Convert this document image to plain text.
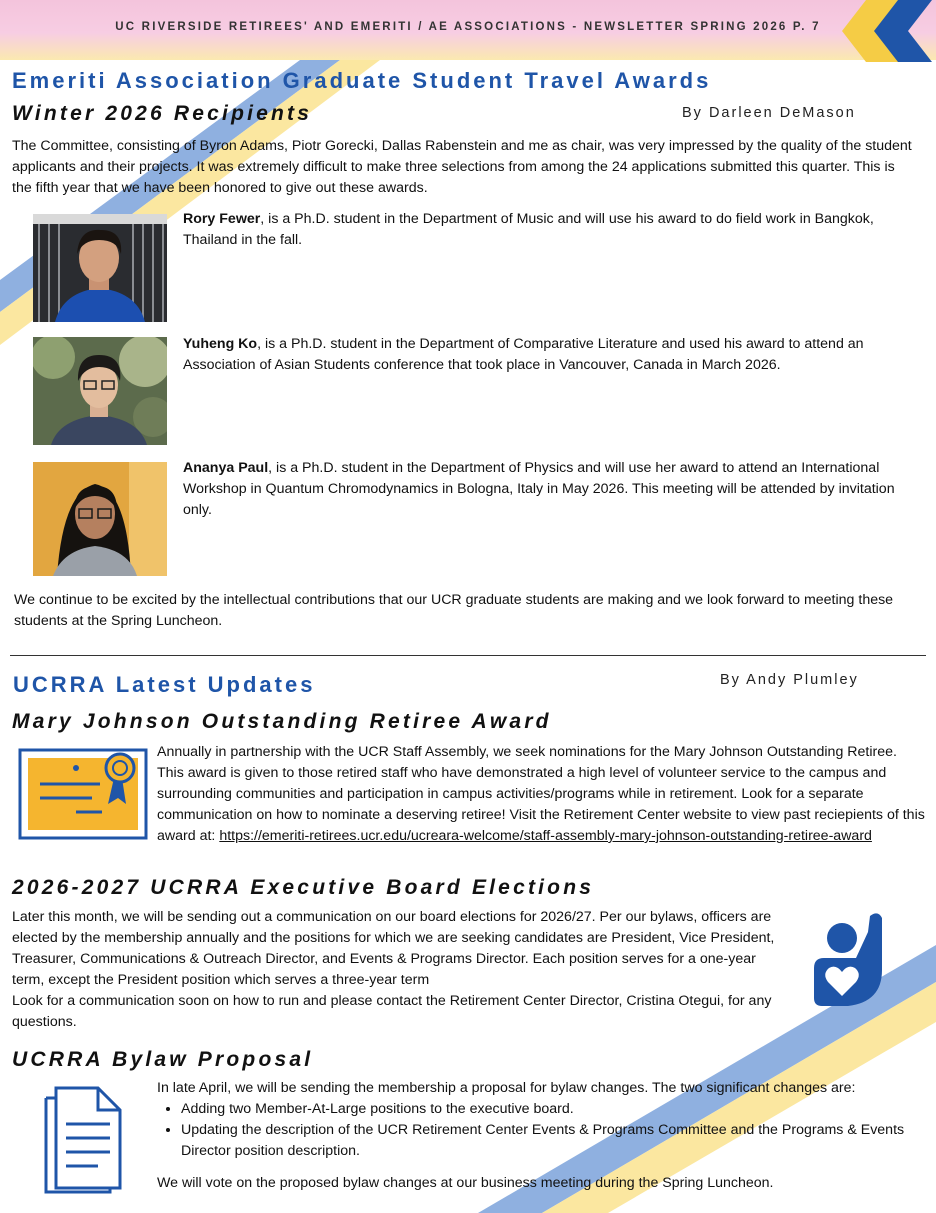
UC RIVERSIDE RETIREES' AND EMERITI / AE ASSOCIATIONS - NEWSLETTER SPRING 2026 P. 7
Emeriti Association Graduate Student Travel Awards
Winter 2026 Recipients	By Darleen DeMason
The Committee, consisting of Byron Adams, Piotr Gorecki, Dallas Rabenstein and me as chair, was very impressed by the quality of the student applicants and their projects. It was extremely difficult to make three selections from among the 24 applications submitted this quarter. This is the fifth year that we have been honored to give out these awards.
Rory Fewer, is a Ph.D. student in the Department of Music and will use his award to do field work in Bangkok, Thailand in the fall.
Yuheng Ko, is a Ph.D. student in the Department of Comparative Literature and used his award to attend an Association of Asian Students conference that took place in Vancouver, Canada in March 2026.
Ananya Paul, is a Ph.D. student in the Department of Physics and will use her award to attend an International Workshop in Quantum Chromodynamics in Bologna, Italy in May 2026. This meeting will be attended by invitation only.
We continue to be excited by the intellectual contributions that our UCR graduate students are making and we look forward to meeting these students at the Spring Luncheon.
UCRRA Latest Updates	By Andy Plumley
Mary Johnson Outstanding Retiree Award
Annually in partnership with the UCR Staff Assembly, we seek nominations for the Mary Johnson Outstanding Retiree. This award is given to those retired staff who have demonstrated a high level of volunteer service to the campus and surrounding communities and participation in campus activities/programs while in retirement. Look for a separate communication on how to nominate a deserving retiree! Visit the Retirement Center website to view past reciepients of this award at: https://emeriti-retirees.ucr.edu/ucreara-welcome/staff-assembly-mary-johnson-outstanding-retiree-award
2026-2027 UCRRA Executive Board Elections
Later this month, we will be sending out a communication on our board elections for 2026/27. Per our bylaws, officers are elected by the membership annually and the positions for which we are seeking candidates are President, Vice President, Treasurer, Communications & Outreach Director, and Events & Programs Director. Each position serves for a one-year term, except the President position which serves a three-year term
Look for a communication soon on how to run and please contact the Retirement Center Director, Cristina Otegui, for any questions.
UCRRA Bylaw Proposal
In late April, we will be sending the membership a proposal for bylaw changes. The two significant changes are:
• Adding two Member-At-Large positions to the executive board.
• Updating the description of the UCR Retirement Center Events & Programs Committee and the Programs & Events Director position description.
We will vote on the proposed bylaw changes at our business meeting during the Spring Luncheon.
